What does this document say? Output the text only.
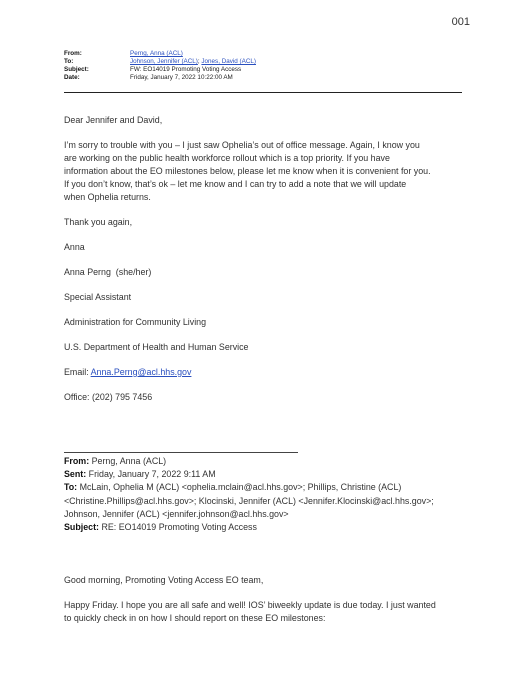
001
From:	Perng, Anna (ACL)
To:	Johnson, Jennifer (ACL); Jones, David (ACL)
Subject:	FW: EO14019 Promoting Voting Access
Date:	Friday, January 7, 2022 10:22:00 AM

Dear Jennifer and David,

I’m sorry to trouble with you – I just saw Ophelia’s out of office message. Again, I know you
are working on the public health workforce rollout which is a top priority. If you have
information about the EO milestones below, please let me know when it is convenient for you.
If you don’t know, that’s ok – let me know and I can try to add a note that we will update
when Ophelia returns.

Thank you again,

Anna

Anna Perng  (she/her)

Special Assistant

Administration for Community Living

U.S. Department of Health and Human Service

Email: Anna.Perng@acl.hhs.gov

Office: (202) 795 7456

From: Perng, Anna (ACL)
Sent: Friday, January 7, 2022 9:11 AM
To: McLain, Ophelia M (ACL) <ophelia.mclain@acl.hhs.gov>; Phillips, Christine (ACL)
<Christine.Phillips@acl.hhs.gov>; Klocinski, Jennifer (ACL) <Jennifer.Klocinski@acl.hhs.gov>;
Johnson, Jennifer (ACL) <jennifer.johnson@acl.hhs.gov>
Subject: RE: EO14019 Promoting Voting Access

Good morning, Promoting Voting Access EO team,

Happy Friday. I hope you are all safe and well! IOS’ biweekly update is due today. I just wanted

to quickly check in on how I should report on these EO milestones:
